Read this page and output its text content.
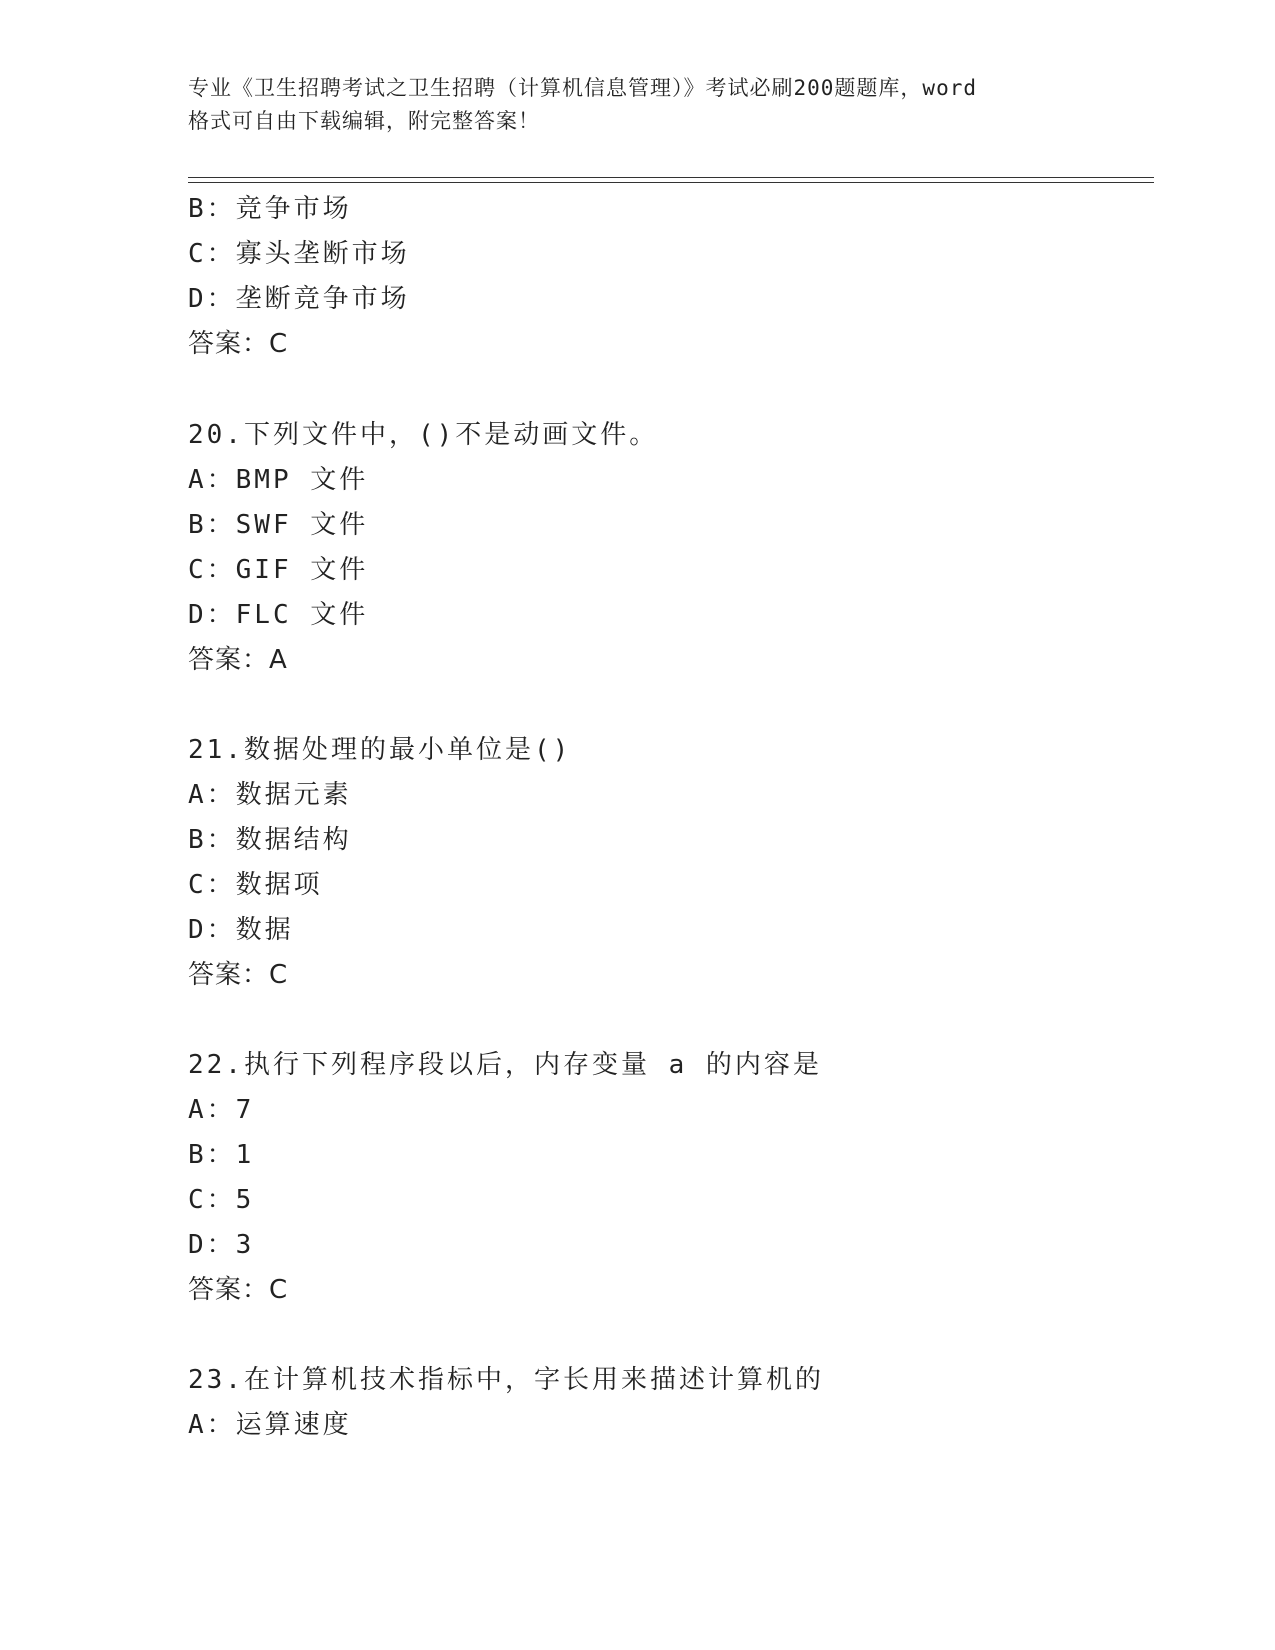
专业《卫生招聘考试之卫生招聘（计算机信息管理）》考试必刷200题题库，word
格式可自由下载编辑，附完整答案！
B：竞争市场
C：寡头垄断市场
D：垄断竞争市场
答案：C
20.下列文件中，()不是动画文件。
A：BMP 文件
B：SWF 文件
C：GIF 文件
D：FLC 文件
答案：A
21.数据处理的最小单位是()
A：数据元素
B：数据结构
C：数据项
D：数据
答案：C
22.执行下列程序段以后，内存变量 a 的内容是
A：7
B：1
C：5
D：3
答案：C
23.在计算机技术指标中，字长用来描述计算机的
A：运算速度
